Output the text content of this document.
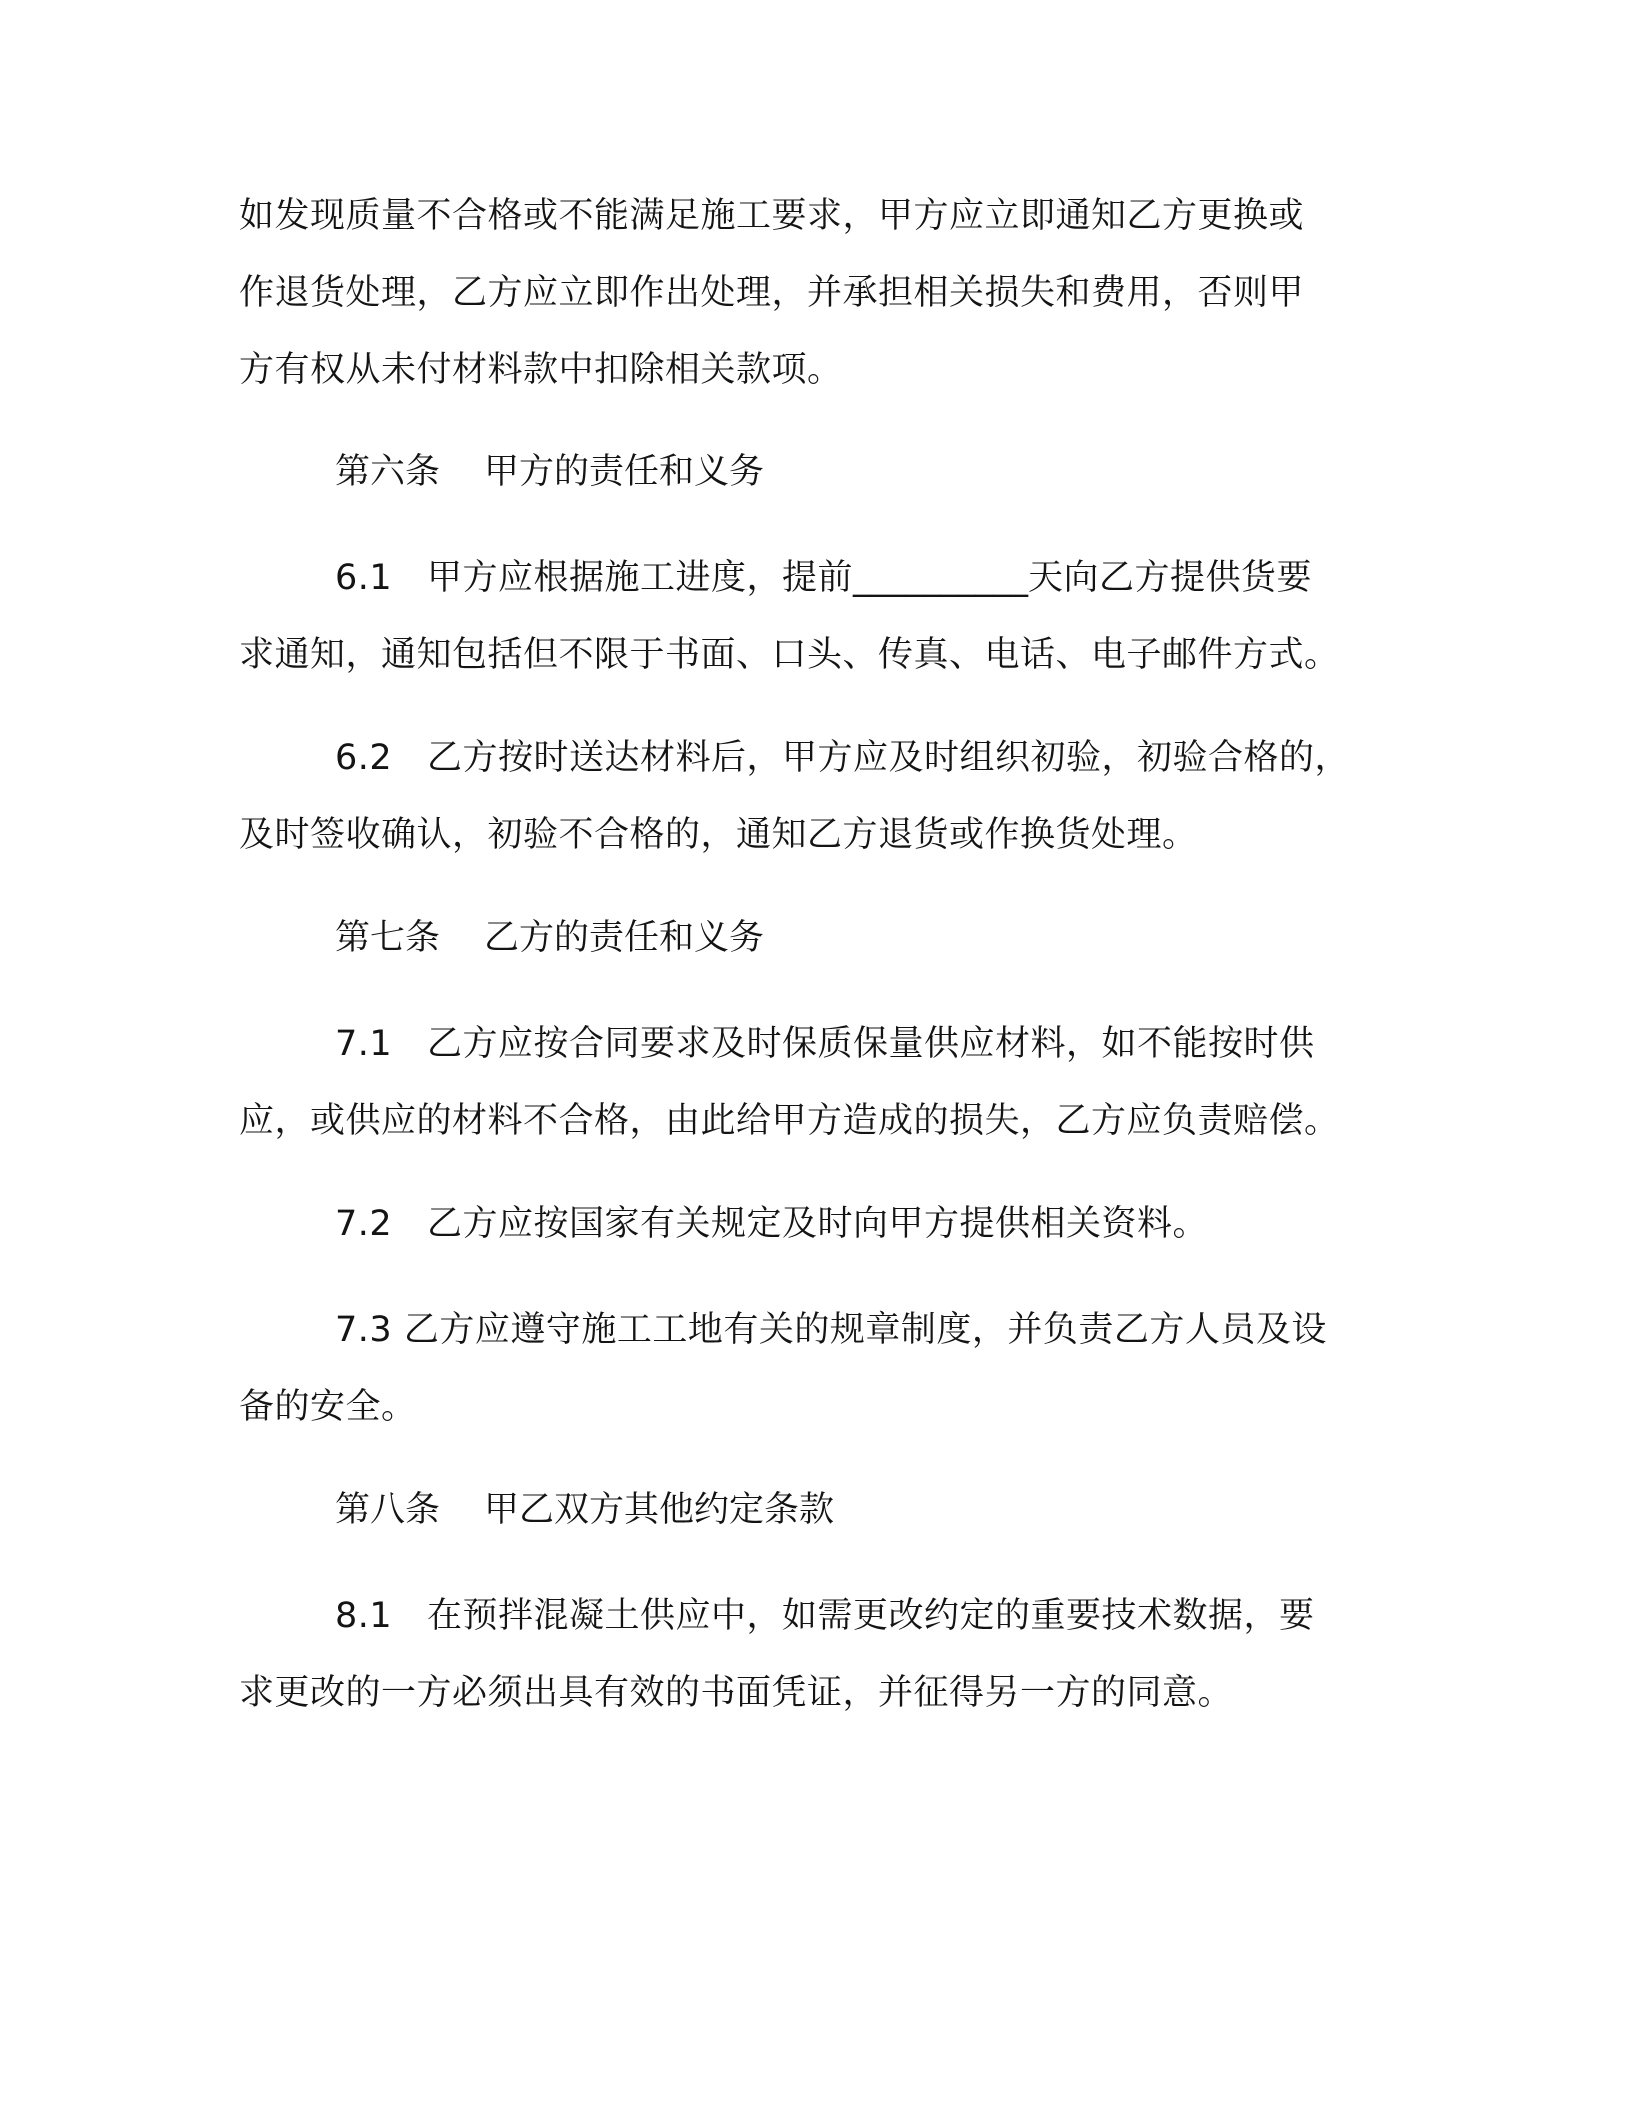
如发现质量不合格或不能满足施工要求，甲方应立即通知乙方更换或
作退货处理，乙方应立即作出处理，并承担相关损失和费用，否则甲
方有权从未付材料款中扣除相关款项。
第六条 甲方的责任和义务
6.1 甲方应根据施工进度，提前__________天向乙方提供货要
求通知，通知包括但不限于书面、口头、传真、电话、电子邮件方式。
6.2 乙方按时送达材料后，甲方应及时组织初验，初验合格的，
及时签收确认，初验不合格的，通知乙方退货或作换货处理。
第七条 乙方的责任和义务
7.1 乙方应按合同要求及时保质保量供应材料，如不能按时供
应，或供应的材料不合格，由此给甲方造成的损失，乙方应负责赔偿。
7.2 乙方应按国家有关规定及时向甲方提供相关资料。
7.3 乙方应遵守施工工地有关的规章制度，并负责乙方人员及设
备的安全。
第八条 甲乙双方其他约定条款
8.1 在预拌混凝土供应中，如需更改约定的重要技术数据，要
求更改的一方必须出具有效的书面凭证，并征得另一方的同意。
